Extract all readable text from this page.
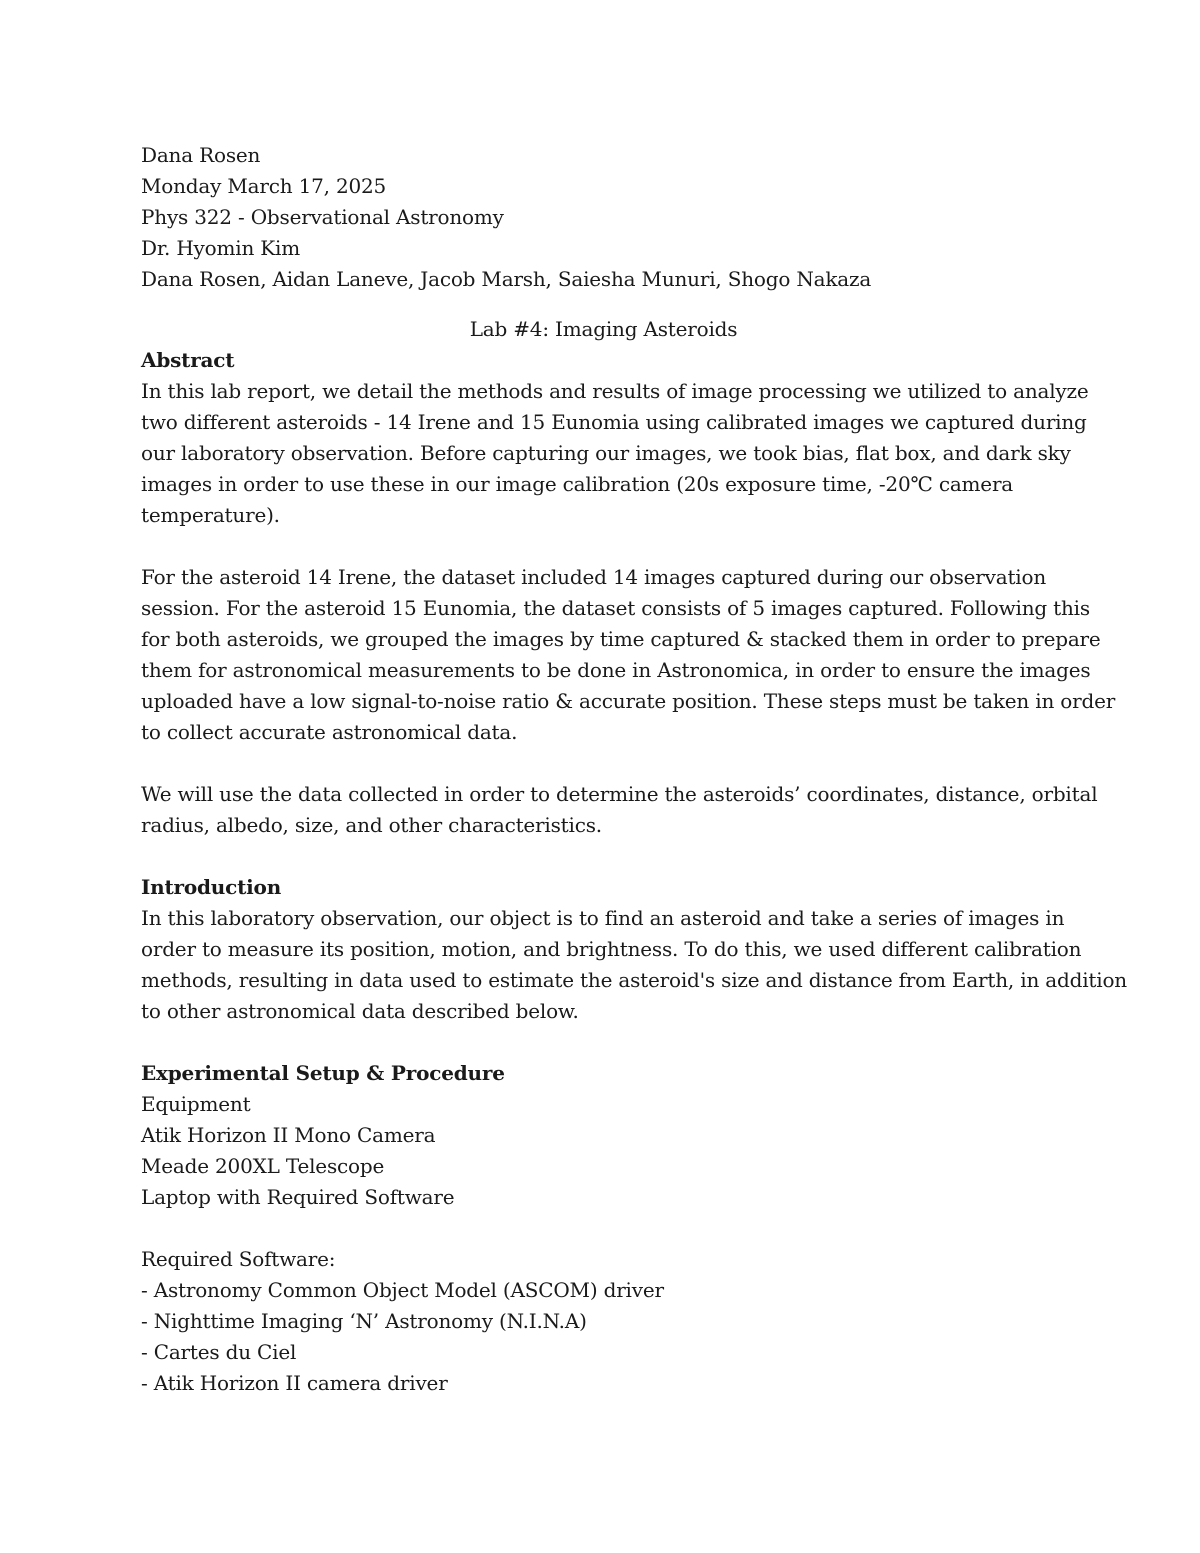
Dana Rosen
Monday March 17, 2025
Phys 322 - Observational Astronomy
Dr. Hyomin Kim
Dana Rosen, Aidan Laneve, Jacob Marsh, Saiesha Munuri, Shogo Nakaza
Lab #4: Imaging Asteroids
Abstract

In this lab report, we detail the methods and results of image processing we utilized to analyze
two different asteroids - 14 Irene and 15 Eunomia using calibrated images we captured during
our laboratory observation. Before capturing our images, we took bias, flat box, and dark sky
images in order to use these in our image calibration (20s exposure time, -20℃ camera
temperature).

For the asteroid 14 Irene, the dataset included 14 images captured during our observation
session. For the asteroid 15 Eunomia, the dataset consists of 5 images captured. Following this
for both asteroids, we grouped the images by time captured & stacked them in order to prepare
them for astronomical measurements to be done in Astronomica, in order to ensure the images
uploaded have a low signal-to-noise ratio & accurate position. These steps must be taken in order
to collect accurate astronomical data.

We will use the data collected in order to determine the asteroids’ coordinates, distance, orbital
radius, albedo, size, and other characteristics.

Introduction

In this laboratory observation, our object is to find an asteroid and take a series of images in
order to measure its position, motion, and brightness. To do this, we used different calibration
methods, resulting in data used to estimate the asteroid's size and distance from Earth, in addition
to other astronomical data described below.

Experimental Setup & Procedure
Equipment
Atik Horizon II Mono Camera
Meade 200XL Telescope
Laptop with Required Software
Required Software:
- Astronomy Common Object Model (ASCOM) driver
- Nighttime Imaging ‘N’ Astronomy (N.I.N.A)
- Cartes du Ciel
- Atik Horizon II camera driver
